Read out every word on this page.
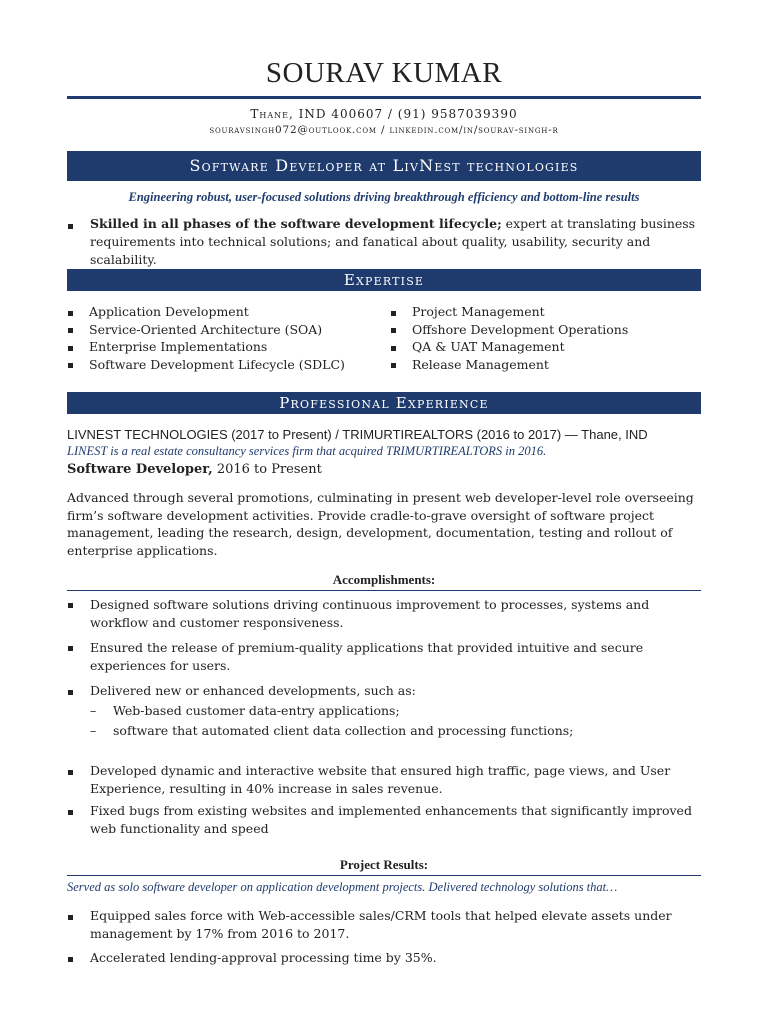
SOURAV KUMAR
Thane, IND 400607 / (91) 9587039390
souravsingh072@outlook.com / linkedin.com/in/sourav-singh-r
Software Developer at LivNest technologies
Engineering robust, user-focused solutions driving breakthrough efficiency and bottom-line results
Skilled in all phases of the software development lifecycle; expert at translating business
requirements into technical solutions; and fanatical about quality, usability, security and scalability.
Expertise
Application Development
Service-Oriented Architecture (SOA)
Enterprise Implementations
Software Development Lifecycle (SDLC)
Project Management
Offshore Development Operations
QA & UAT Management
Release Management
Professional Experience
LIVNEST TECHNOLOGIES (2017 to Present) / TRIMURTIREALTORS (2016 to 2017) — Thane, IND
LINEST is a real estate consultancy services firm that acquired TRIMURTIREALTORS in 2016.
Software Developer, 2016 to Present
Advanced through several promotions, culminating in present web developer-level role overseeing firm’s software development activities. Provide cradle-to-grave oversight of software project management, leading the research, design, development, documentation, testing and rollout of enterprise applications.
Accomplishments:
Designed software solutions driving continuous improvement to processes, systems and workflow and customer responsiveness.
Ensured the release of premium-quality applications that provided intuitive and secure experiences for users.
Delivered new or enhanced developments, such as:
– Web-based customer data-entry applications;
– software that automated client data collection and processing functions;
Developed dynamic and interactive website that ensured high traffic, page views, and User Experience, resulting in 40% increase in sales revenue.
Fixed bugs from existing websites and implemented enhancements that significantly improved web functionality and speed
Project Results:
Served as solo software developer on application development projects. Delivered technology solutions that…
Equipped sales force with Web-accessible sales/CRM tools that helped elevate assets under management by 17% from 2016 to 2017.
Accelerated lending-approval processing time by 35%.
